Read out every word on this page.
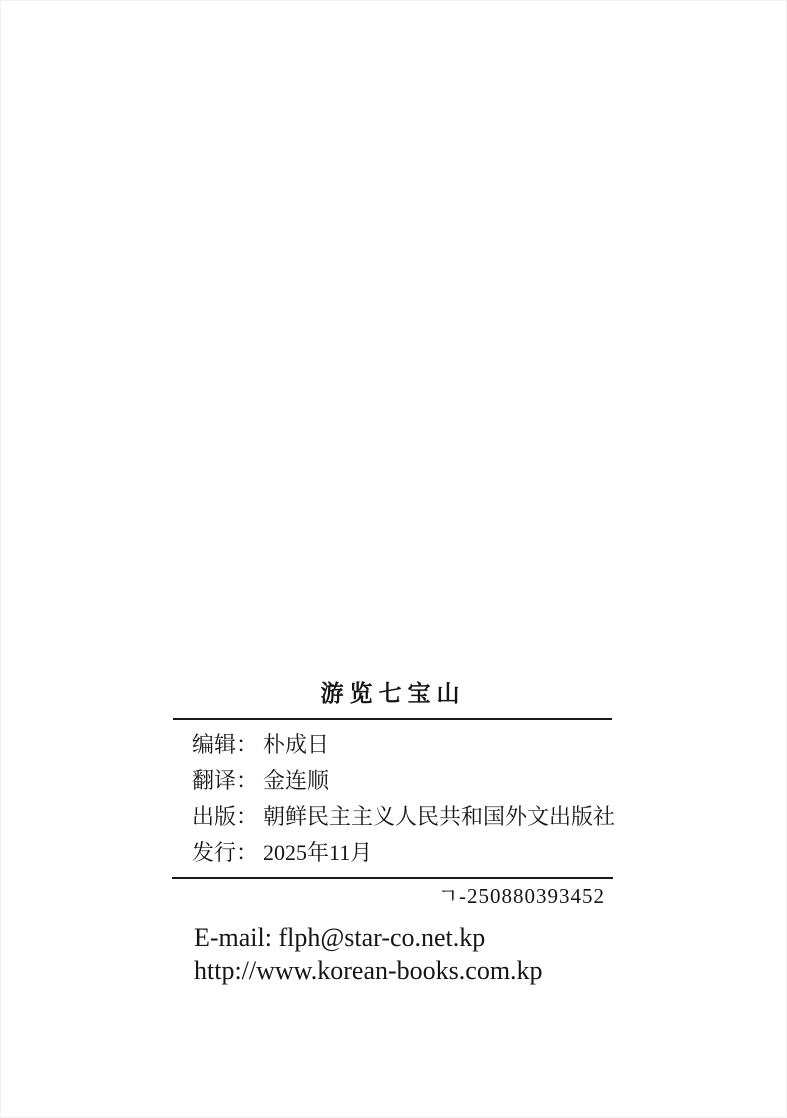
游览七宝山
编辑： 朴成日
翻译： 金连顺
出版： 朝鲜民主主义人民共和国外文出版社
发行： 2025年11月
ㄱ-250880393452
E-mail: flph@star-co.net.kp
http://www.korean-books.com.kp
